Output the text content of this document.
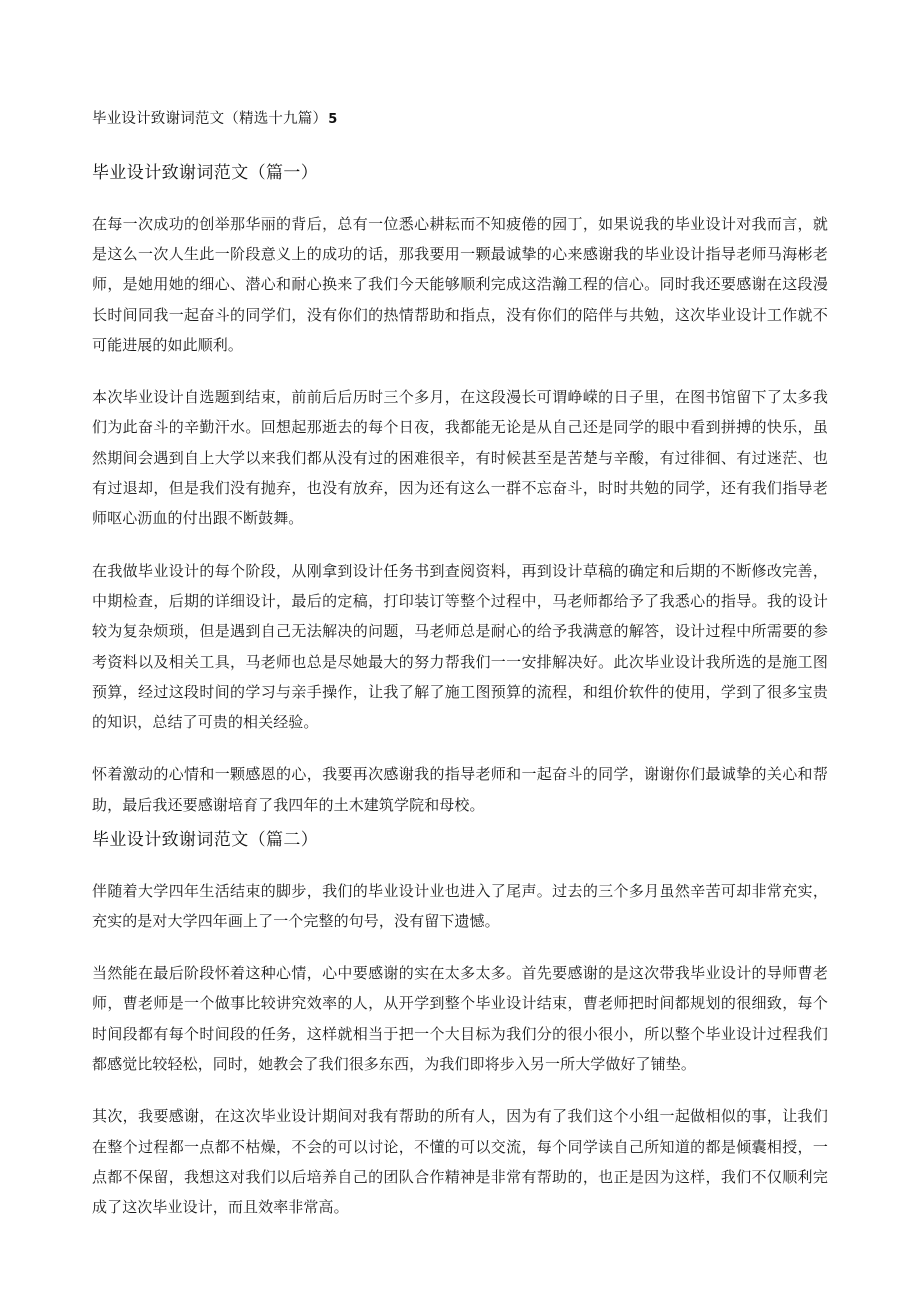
毕业设计致谢词范文（精选十九篇）5
毕业设计致谢词范文（篇一）

在每一次成功的创举那华丽的背后，总有一位悉心耕耘而不知疲倦的园丁，如果说我的毕业设计对我而言，就是这么一次人生此一阶段意义上的成功的话，那我要用一颗最诚挚的心来感谢我的毕业设计指导老师马海彬老师，是她用她的细心、潜心和耐心换来了我们今天能够顺利完成这浩瀚工程的信心。同时我还要感谢在这段漫长时间同我一起奋斗的同学们，没有你们的热情帮助和指点，没有你们的陪伴与共勉，这次毕业设计工作就不可能进展的如此顺利。

本次毕业设计自选题到结束，前前后后历时三个多月，在这段漫长可谓峥嵘的日子里，在图书馆留下了太多我们为此奋斗的辛勤汗水。回想起那逝去的每个日夜，我都能无论是从自己还是同学的眼中看到拼搏的快乐，虽然期间会遇到自上大学以来我们都从没有过的困难很辛，有时候甚至是苦楚与辛酸，有过徘徊、有过迷茫、也有过退却，但是我们没有抛弃，也没有放弃，因为还有这么一群不忘奋斗，时时共勉的同学，还有我们指导老师呕心沥血的付出跟不断鼓舞。

在我做毕业设计的每个阶段，从刚拿到设计任务书到查阅资料，再到设计草稿的确定和后期的不断修改完善，中期检查，后期的详细设计，最后的定稿，打印装订等整个过程中，马老师都给予了我悉心的指导。我的设计较为复杂烦琐，但是遇到自己无法解决的问题，马老师总是耐心的给予我满意的解答，设计过程中所需要的参考资料以及相关工具，马老师也总是尽她最大的努力帮我们一一安排解决好。此次毕业设计我所选的是施工图预算，经过这段时间的学习与亲手操作，让我了解了施工图预算的流程，和组价软件的使用，学到了很多宝贵的知识，总结了可贵的相关经验。

怀着激动的心情和一颗感恩的心，我要再次感谢我的指导老师和一起奋斗的同学，谢谢你们最诚挚的关心和帮助，最后我还要感谢培育了我四年的土木建筑学院和母校。

毕业设计致谢词范文（篇二）

伴随着大学四年生活结束的脚步，我们的毕业设计业也进入了尾声。过去的三个多月虽然辛苦可却非常充实，充实的是对大学四年画上了一个完整的句号，没有留下遗憾。

当然能在最后阶段怀着这种心情，心中要感谢的实在太多太多。首先要感谢的是这次带我毕业设计的导师曹老师，曹老师是一个做事比较讲究效率的人，从开学到整个毕业设计结束，曹老师把时间都规划的很细致，每个时间段都有每个时间段的任务，这样就相当于把一个大目标为我们分的很小很小，所以整个毕业设计过程我们都感觉比较轻松，同时，她教会了我们很多东西，为我们即将步入另一所大学做好了铺垫。

其次，我要感谢，在这次毕业设计期间对我有帮助的所有人，因为有了我们这个小组一起做相似的事，让我们在整个过程都一点都不枯燥，不会的可以讨论，不懂的可以交流，每个同学读自己所知道的都是倾囊相授，一点都不保留，我想这对我们以后培养自己的团队合作精神是非常有帮助的，也正是因为这样，我们不仅顺利完成了这次毕业设计，而且效率非常高。
